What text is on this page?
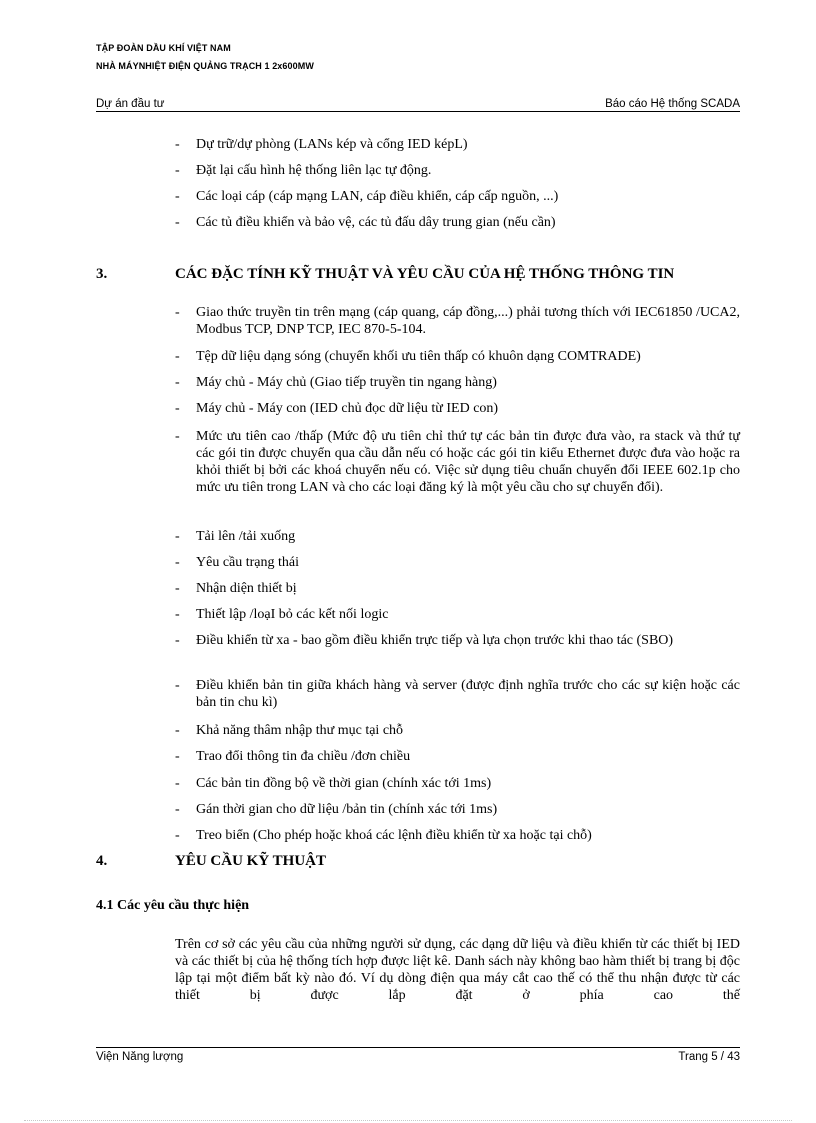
TẬP ĐOÀN DẦU KHÍ VIỆT NAM
NHÀ MÁYNHIỆT ĐIỆN QUẢNG TRẠCH 1 2x600MW
Dự án đầu tư	Báo cáo Hệ thống SCADA
- Dự trữ/dự phòng (LANs kép và cổng IED képL)
- Đặt lại cấu hình hệ thống liên lạc tự động.
- Các loại cáp (cáp mạng LAN, cáp điều khiển, cáp cấp nguồn, ...)
- Các tủ điều khiển và bảo vệ, các tủ đấu dây trung gian (nếu cần)
3.	CÁC ĐẶC TÍNH KỸ THUẬT VÀ YÊU CẦU CỦA HỆ THỐNG THÔNG TIN
- Giao thức truyền tin trên mạng (cáp quang, cáp đồng,...) phải tương thích với IEC61850 /UCA2, Modbus TCP, DNP TCP, IEC 870-5-104.
- Tệp dữ liệu dạng sóng (chuyển khối ưu tiên thấp có khuôn dạng COMTRADE)
- Máy chủ - Máy chủ (Giao tiếp truyền tin ngang hàng)
- Máy chủ - Máy con (IED chủ đọc dữ liệu từ IED con)
- Mức ưu tiên cao /thấp (Mức độ ưu tiên chỉ thứ tự các bản tin được đưa vào, ra stack và thứ tự các gói tin được chuyển qua cầu dẫn nếu có hoặc các gói tin kiểu Ethernet được đưa vào hoặc ra khỏi thiết bị bởi các khoá chuyển nếu có. Việc sử dụng tiêu chuẩn chuyển đổi IEEE 602.1p cho mức ưu tiên trong LAN và cho các loại đăng ký là một yêu cầu cho sự chuyển đổi).
- Tải lên /tải xuống
- Yêu cầu trạng thái
- Nhận diện thiết bị
- Thiết lập /loạI bỏ các kết nối logic
- Điều khiển từ xa - bao gồm điều khiển trực tiếp và lựa chọn trước khi thao tác (SBO)
- Điều khiển bản tin giữa khách hàng và server (được định nghĩa trước cho các sự kiện hoặc các bản tin chu kì)
- Khả năng thâm nhập thư mục tại chỗ
- Trao đổi thông tin đa chiều /đơn chiều
- Các bản tin đồng bộ về thời gian (chính xác tới 1ms)
- Gán thời gian cho dữ liệu /bản tin (chính xác tới 1ms)
- Treo biển (Cho phép hoặc khoá các lệnh điều khiển từ xa hoặc tại chỗ)
4.	YÊU CẦU KỸ THUẬT
4.1 Các yêu cầu thực hiện
Trên cơ sở các yêu cầu của những người sử dụng, các dạng dữ liệu và điều khiển từ các thiết bị IED và các thiết bị của hệ thống tích hợp được liệt kê. Danh sách này không bao hàm thiết bị trang bị độc lập tại một điểm bất kỳ nào đó. Ví dụ dòng điện qua máy cắt cao thế có thể thu nhận được từ các thiết bị được lắp đặt ở phía cao thế
Viện Năng lượng	Trang 5 / 43
